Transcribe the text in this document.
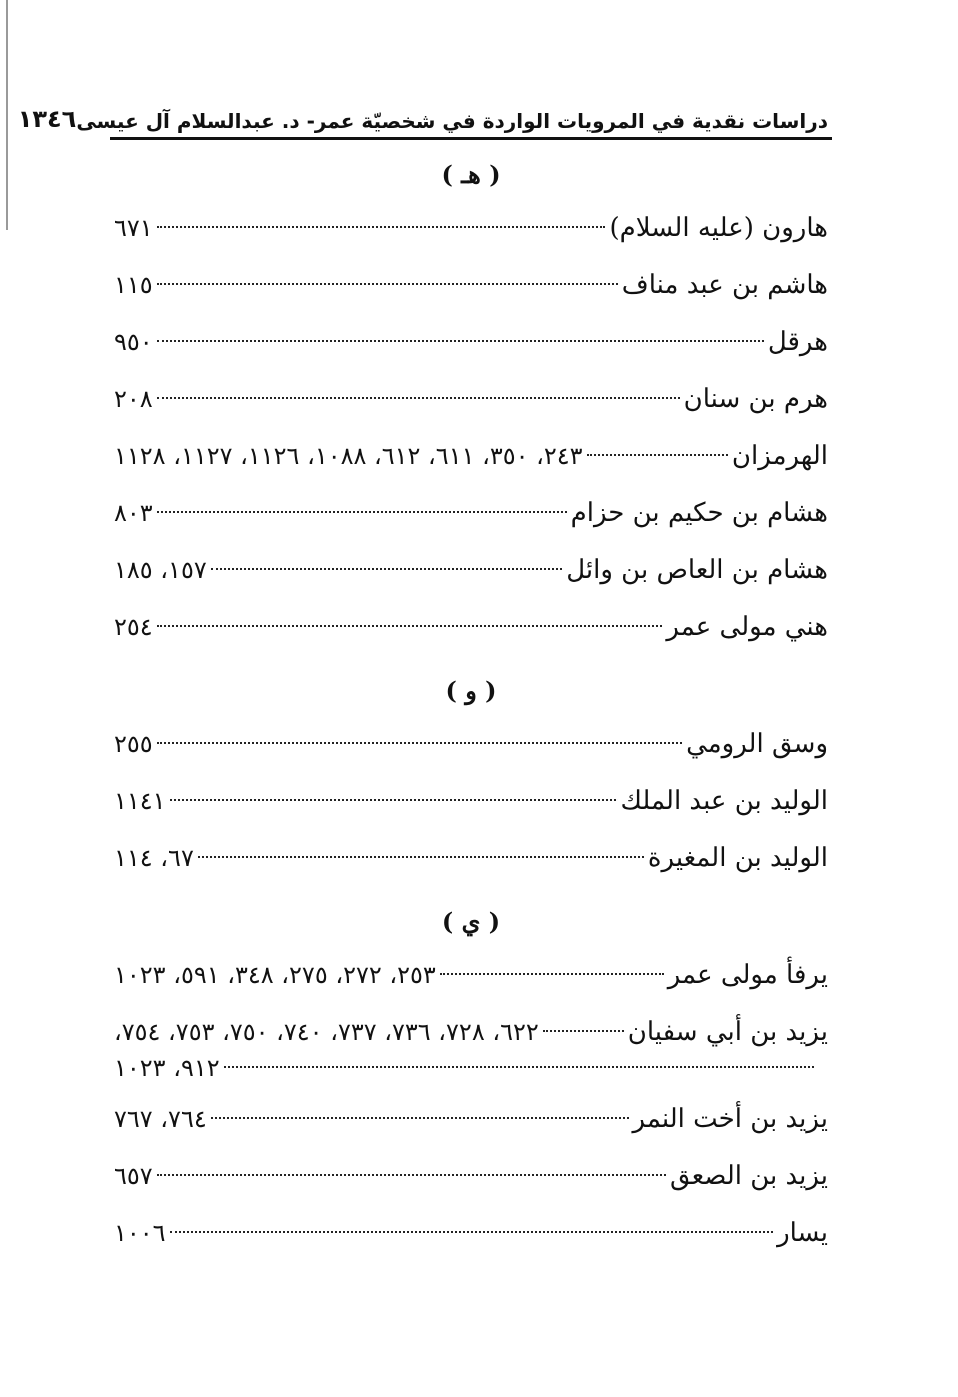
دراسات نقدية في المرويات الواردة في شخصيّة عمر- د. عبدالسلام آل عيسى
١٣٤٦
( هـ )
هارون (عليه السلام)
٦٧١
هاشم بن عبد مناف
١١٥
هرقل
٩٥٠
هرم بن سنان
٢٠٨
الهرمزان
٢٤٣، ٣٥٠، ٦١١، ٦١٢، ١٠٨٨، ١١٢٦، ١١٢٧، ١١٢٨
هشام بن حكيم بن حزام
٨٠٣
هشام بن العاص بن وائل
١٥٧، ١٨٥
هني مولى عمر
٢٥٤
( و )
وسق الرومي
٢٥٥
الوليد بن عبد الملك
١١٤١
الوليد بن المغيرة
٦٧، ١١٤
( ي )
يرفأ مولى عمر
٢٥٣، ٢٧٢، ٢٧٥، ٣٤٨، ٥٩١، ١٠٢٣
يزيد بن أبي سفيان
٦٢٢، ٧٢٨، ٧٣٦، ٧٣٧، ٧٤٠، ٧٥٠، ٧٥٣، ٧٥٤،
٩١٢، ١٠٢٣
يزيد بن أخت النمر
٧٦٤، ٧٦٧
يزيد بن الصعق
٦٥٧
يسار
١٠٠٦
